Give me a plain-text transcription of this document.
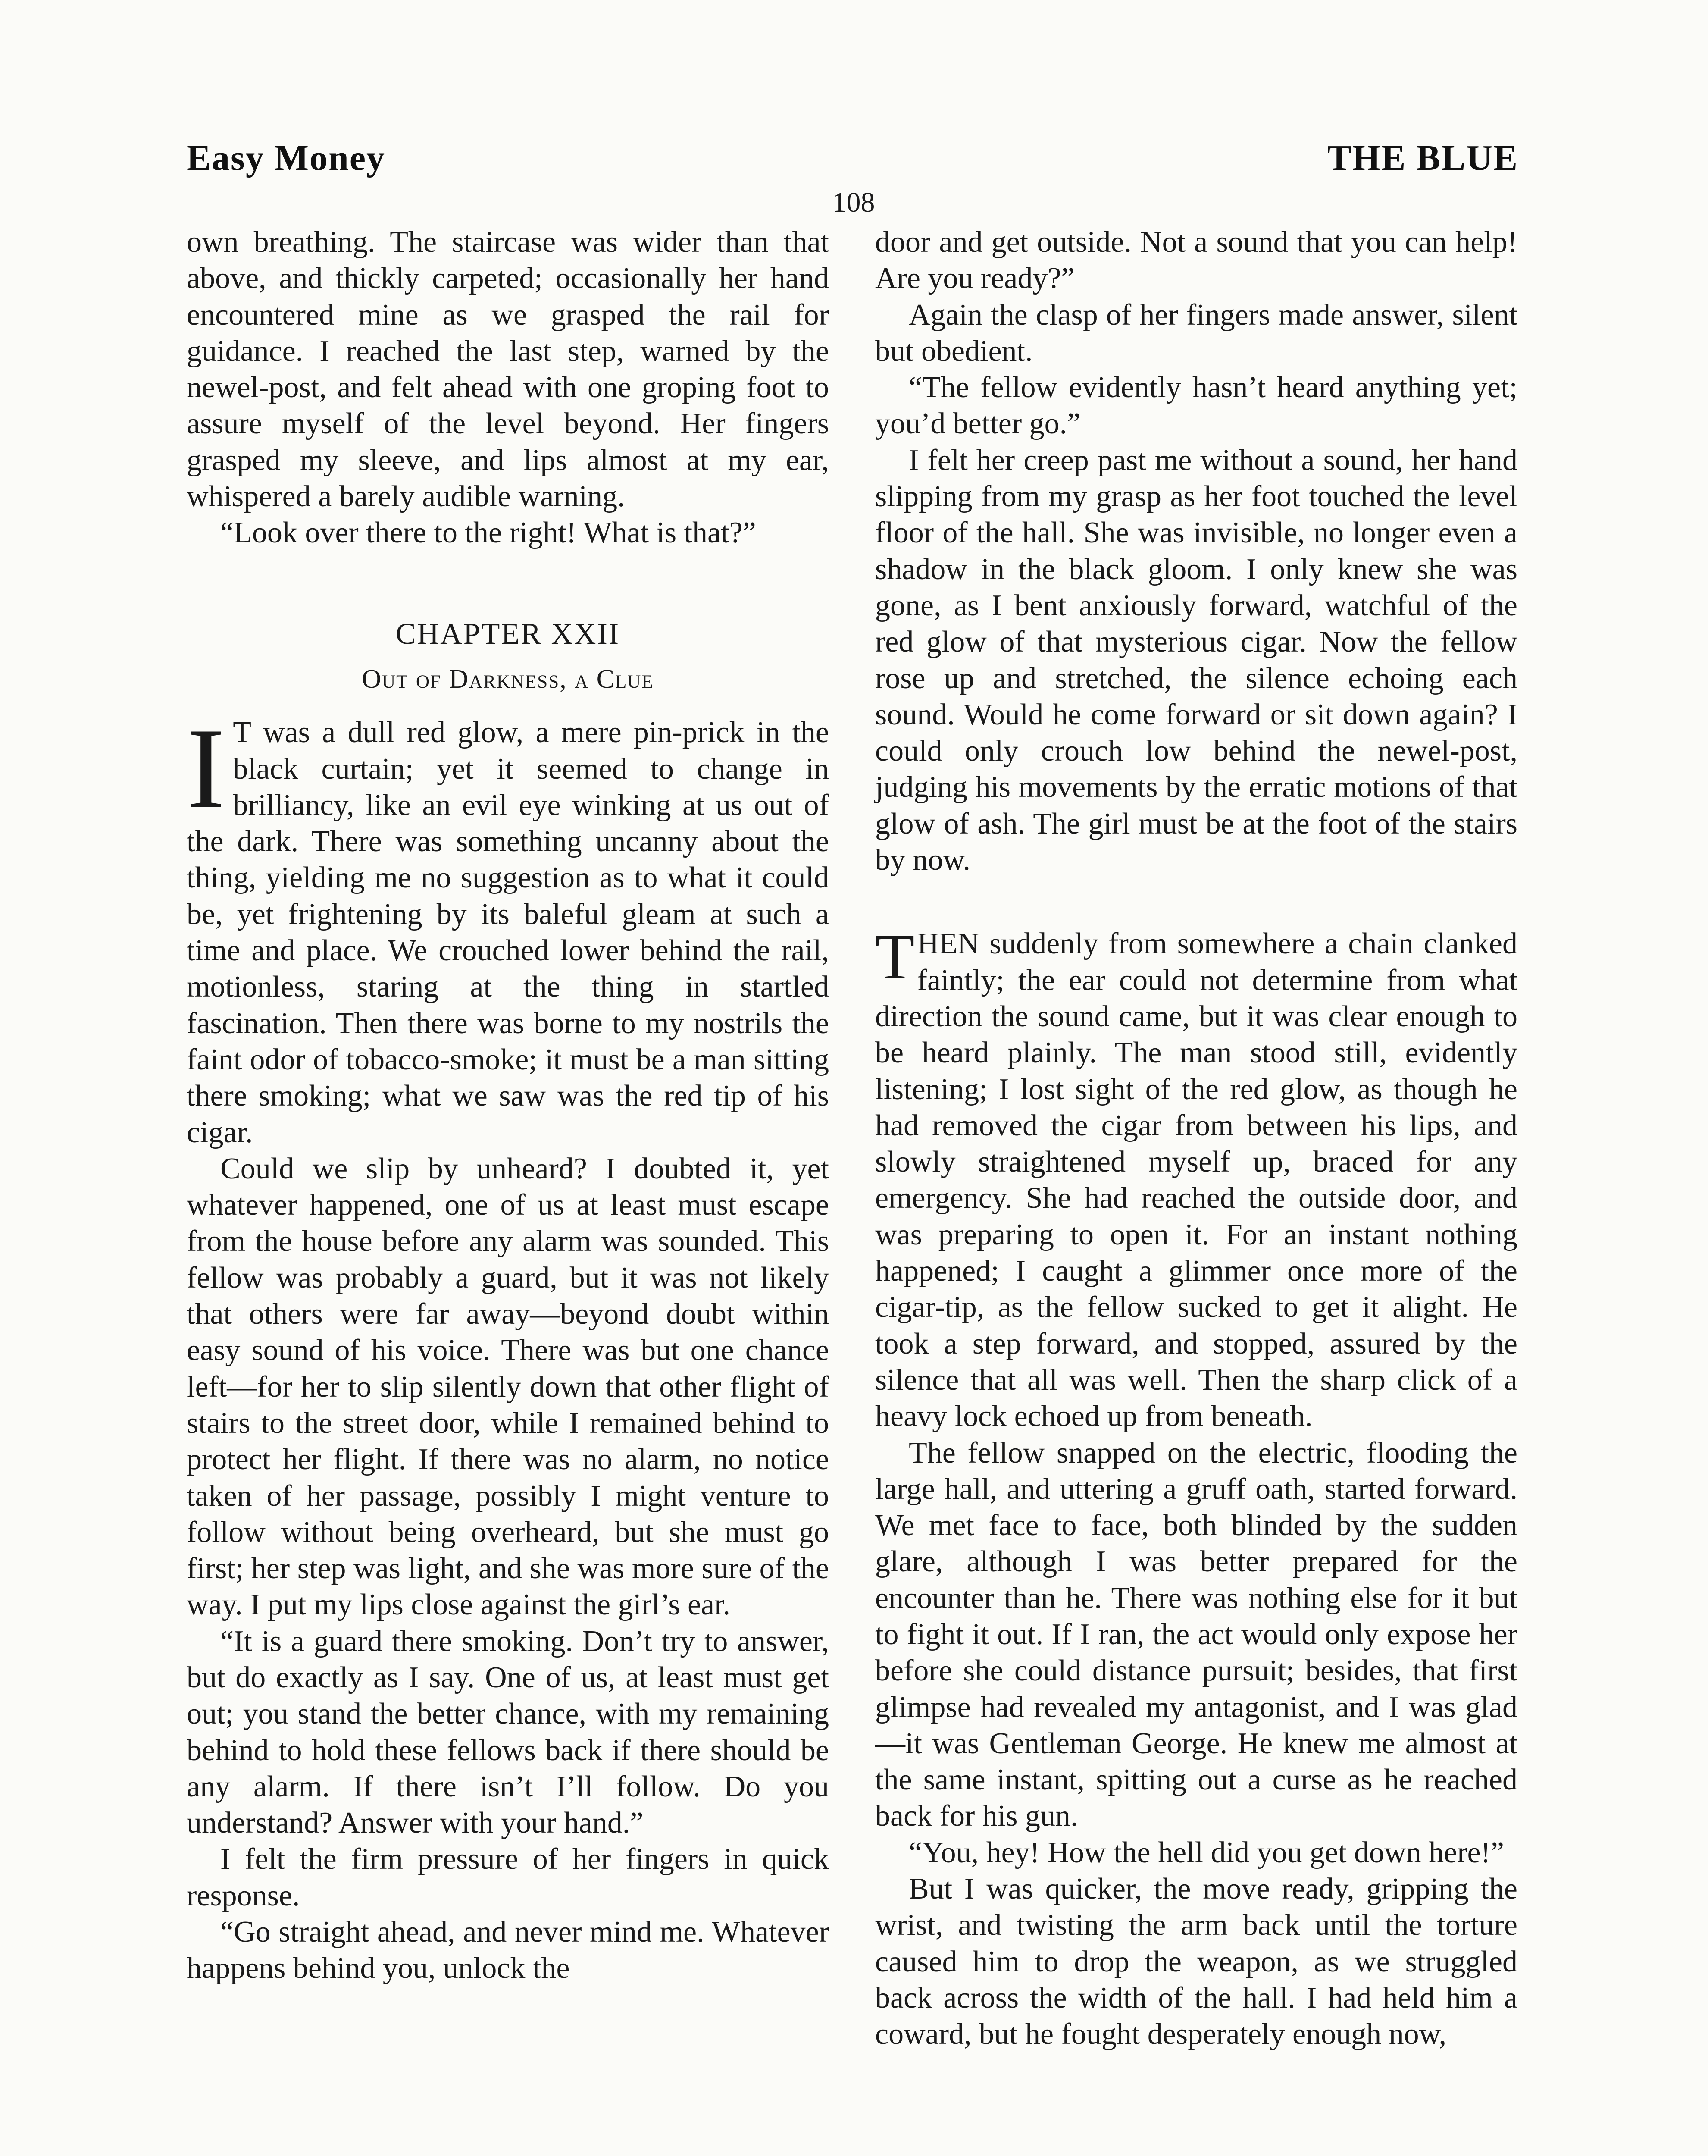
Easy Money	THE BLUE
108

own breathing. The staircase was wider than that above, and thickly carpeted; occasionally her hand encountered mine as we grasped the rail for guidance. I reached the last step, warned by the newel-post, and felt ahead with one groping foot to assure myself of the level beyond. Her fingers grasped my sleeve, and lips almost at my ear, whispered a barely audible warning.

“Look over there to the right! What is that?”

CHAPTER XXII
Out of Darkness, a Clue

I T was a dull red glow, a mere pin-prick in the black curtain; yet it seemed to change in brilliancy, like an evil eye winking at us out of the dark. There was something uncanny about the thing, yielding me no suggestion as to what it could be, yet frightening by its baleful gleam at such a time and place. We crouched lower behind the rail, motionless, staring at the thing in startled fascination. Then there was borne to my nostrils the faint odor of tobacco-smoke; it must be a man sitting there smoking; what we saw was the red tip of his cigar.

Could we slip by unheard? I doubted it, yet whatever happened, one of us at least must escape from the house before any alarm was sounded. This fellow was probably a guard, but it was not likely that others were far away—beyond doubt within easy sound of his voice. There was but one chance left—for her to slip silently down that other flight of stairs to the street door, while I remained behind to protect her flight. If there was no alarm, no notice taken of her passage, possibly I might venture to follow without being overheard, but she must go first; her step was light, and she was more sure of the way. I put my lips close against the girl’s ear.

“It is a guard there smoking. Don’t try to answer, but do exactly as I say. One of us, at least must get out; you stand the better chance, with my remaining behind to hold these fellows back if there should be any alarm. If there isn’t I’ll follow. Do you understand? Answer with your hand.”

I felt the firm pressure of her fingers in quick response.

“Go straight ahead, and never mind me. Whatever happens behind you, unlock the

door and get outside. Not a sound that you can help! Are you ready?”

Again the clasp of her fingers made answer, silent but obedient.

“The fellow evidently hasn’t heard anything yet; you’d better go.”

I felt her creep past me without a sound, her hand slipping from my grasp as her foot touched the level floor of the hall. She was invisible, no longer even a shadow in the black gloom. I only knew she was gone, as I bent anxiously forward, watchful of the red glow of that mysterious cigar. Now the fellow rose up and stretched, the silence echoing each sound. Would he come forward or sit down again? I could only crouch low behind the newel-post, judging his movements by the erratic motions of that glow of ash. The girl must be at the foot of the stairs by now.

THEN suddenly from somewhere a chain clanked faintly; the ear could not determine from what direction the sound came, but it was clear enough to be heard plainly. The man stood still, evidently listening; I lost sight of the red glow, as though he had removed the cigar from between his lips, and slowly straightened myself up, braced for any emergency. She had reached the outside door, and was preparing to open it. For an instant nothing happened; I caught a glimmer once more of the cigar-tip, as the fellow sucked to get it alight. He took a step forward, and stopped, assured by the silence that all was well. Then the sharp click of a heavy lock echoed up from beneath.

The fellow snapped on the electric, flooding the large hall, and uttering a gruff oath, started forward. We met face to face, both blinded by the sudden glare, although I was better prepared for the encounter than he. There was nothing else for it but to fight it out. If I ran, the act would only expose her before she could distance pursuit; besides, that first glimpse had revealed my antagonist, and I was glad—it was Gentleman George. He knew me almost at the same instant, spitting out a curse as he reached back for his gun.

“You, hey! How the hell did you get down here!”

But I was quicker, the move ready, gripping the wrist, and twisting the arm back until the torture caused him to drop the weapon, as we struggled back across the width of the hall. I had held him a coward, but he fought desperately enough now,
